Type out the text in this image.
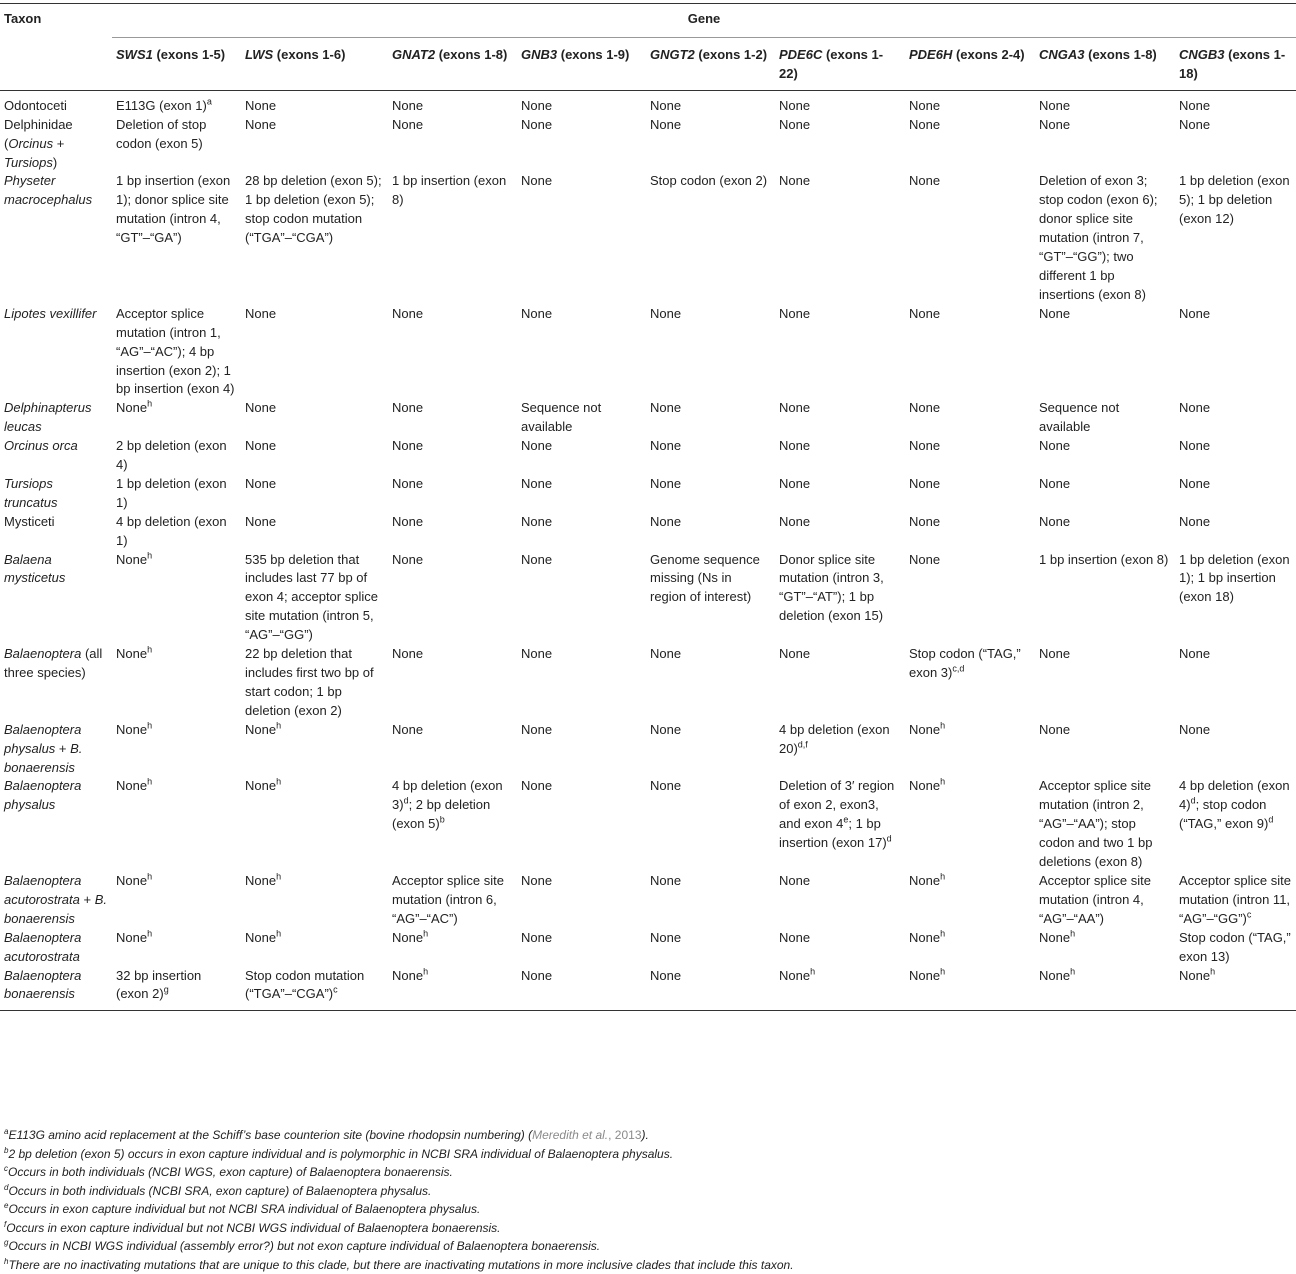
Taxon	Gene								
	SWS1 (exons 1-5)	LWS (exons 1-6)	GNAT2 (exons 1-8)	GNB3 (exons 1-9)	GNGT2 (exons 1-2)	PDE6C (exons 1-22)	PDE6H (exons 2-4)	CNGA3 (exons 1-8)	CNGB3 (exons 1-18)
Odontoceti	E113G (exon 1)$^a$	None	None	None	None	None	None	None	None
Delphinidae (Orcinus + Tursiops)	Deletion of stop codon (exon 5)	None	None	None	None	None	None	None	None
Physeter macrocephalus	1 bp insertion (exon 1); donor splice site mutation (intron 4, “GT”–“GA”)	28 bp deletion (exon 5); 1 bp deletion (exon 5); stop codon mutation (“TGA”–“CGA”)	1 bp insertion (exon 8)	None	Stop codon (exon 2)	None	None	Deletion of exon 3; stop codon (exon 6); donor splice site mutation (intron 7, “GT”–“GG”); two different 1 bp insertions (exon 8)	1 bp deletion (exon 5); 1 bp deletion (exon 12)
Lipotes vexillifer	Acceptor splice mutation (intron 1, “AG”–“AC”); 4 bp insertion (exon 2); 1 bp insertion (exon 4)	None	None	None	None	None	None	None	None
Delphinapterus leucas	None$^h$	None	None	Sequence not available	None	None	None	Sequence not available	None
Orcinus orca	2 bp deletion (exon 4)	None	None	None	None	None	None	None	None
Tursiops truncatus	1 bp deletion (exon 1)	None	None	None	None	None	None	None	None
Mysticeti	4 bp deletion (exon 1)	None	None	None	None	None	None	None	None
Balaena mysticetus	None$^h$	535 bp deletion that includes last 77 bp of exon 4; acceptor splice site mutation (intron 5, “AG”–“GG”)	None	None	Genome sequence missing (Ns in region of interest)	Donor splice site mutation (intron 3, “GT”–“AT”); 1 bp deletion (exon 15)	None	1 bp insertion (exon 8)	1 bp deletion (exon 1); 1 bp insertion (exon 18)
Balaenoptera (all three species)	None$^h$	22 bp deletion that includes first two bp of start codon; 1 bp deletion (exon 2)	None	None	None	None	Stop codon (“TAG,” exon 3)$^{c,d}$	None	None
Balaenoptera physalus + B. bonaerensis	None$^h$	None$^h$	None	None	None	4 bp deletion (exon 20)$^{d,f}$	None$^h$	None	None
Balaenoptera physalus	None$^h$	None$^h$	4 bp deletion (exon 3)$^d$; 2 bp deletion (exon 5)$^b$	None	None	Deletion of 3′ region of exon 2, exon3, and exon 4e; 1 bp insertion (exon 17)$^d$	None$^h$	Acceptor splice site mutation (intron 2, “AG”–“AA”); stop codon and two 1 bp deletions (exon 8)	4 bp deletion (exon 4)$^d$; stop codon (“TAG,” exon 9)$^d$
Balaenoptera acutorostrata + B. bonaerensis	None$^h$	None$^h$	Acceptor splice site mutation (intron 6, “AG”–“AC”)	None	None	None	None$^h$	Acceptor splice site mutation (intron 4, “AG”–“AA”)	Acceptor splice site mutation (intron 11, “AG”–“GG”)$^c$
Balaenoptera acutorostrata	None$^h$	None$^h$	None$^h$	None	None	None	None$^h$	None$^h$	Stop codon (“TAG,” exon 13)
Balaenoptera bonaerensis	32 bp insertion (exon 2)$^g$	Stop codon mutation (“TGA”–“CGA”)$^c$	None$^h$	None	None	None$^h$	None$^h$	None$^h$	None$^h$
$^a$E113G amino acid replacement at the Schiff’s base counterion site (bovine rhodopsin numbering) (Meredith et al., 2013).
$^b$2 bp deletion (exon 5) occurs in exon capture individual and is polymorphic in NCBI SRA individual of Balaenoptera physalus.
$^c$Occurs in both individuals (NCBI WGS, exon capture) of Balaenoptera bonaerensis.
$^d$Occurs in both individuals (NCBI SRA, exon capture) of Balaenoptera physalus.
$^e$Occurs in exon capture individual but not NCBI SRA individual of Balaenoptera physalus.
$^f$Occurs in exon capture individual but not NCBI WGS individual of Balaenoptera bonaerensis.
$^g$Occurs in NCBI WGS individual (assembly error?) but not exon capture individual of Balaenoptera bonaerensis.
$^h$There are no inactivating mutations that are unique to this clade, but there are inactivating mutations in more inclusive clades that include this taxon.
